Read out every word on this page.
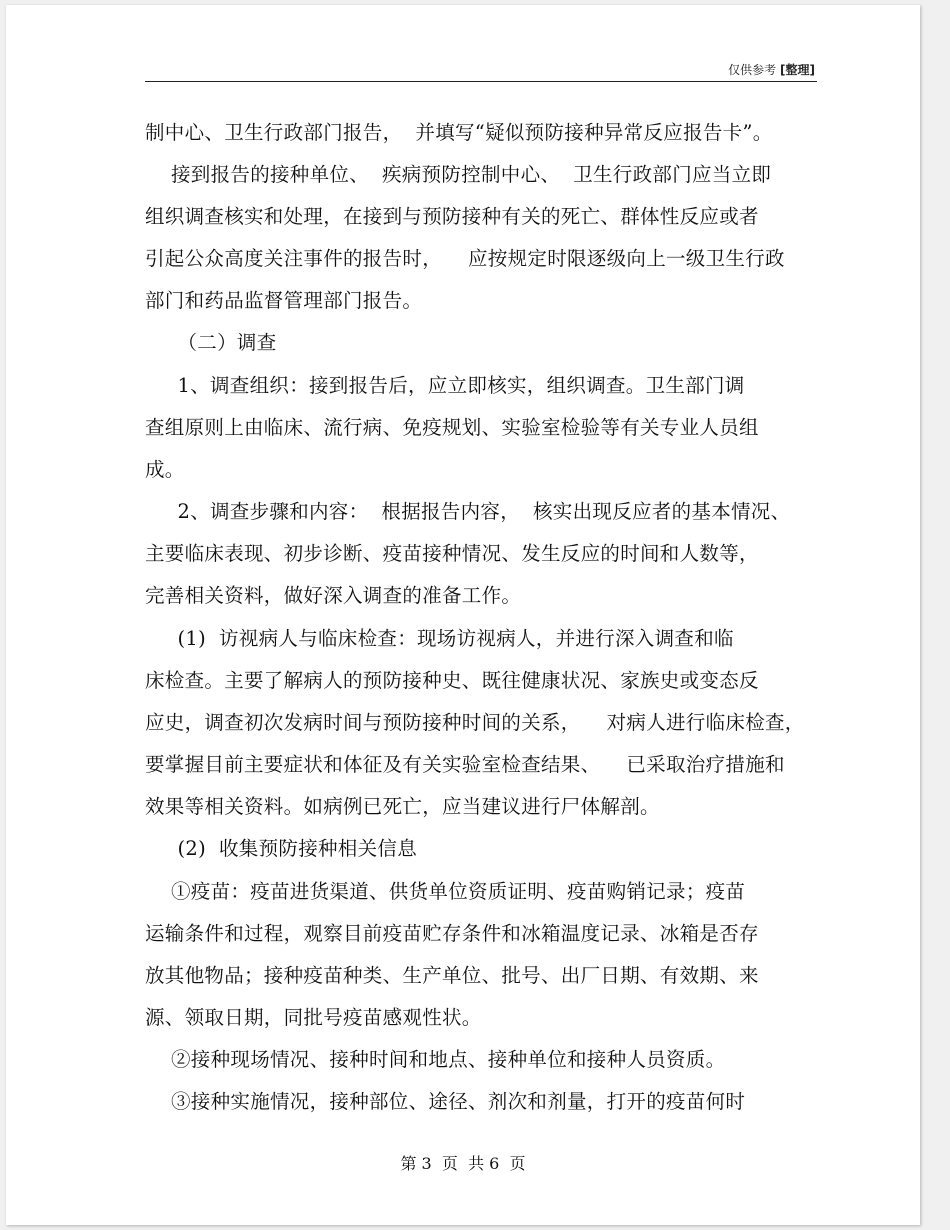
仅供参考 [整理]
制中心、卫生行政部门报告，  并填写“疑似预防接种异常反应报告卡”。
接到报告的接种单位、  疾病预防控制中心、  卫生行政部门应当立即
组织调查核实和处理，在接到与预防接种有关的死亡、群体性反应或者
引起公众高度关注事件的报告时，    应按规定时限逐级向上一级卫生行政
部门和药品监督管理部门报告。
（二）调查
1、调查组织：接到报告后，应立即核实，组织调查。卫生部门调
查组原则上由临床、流行病、免疫规划、实验室检验等有关专业人员组
成。
2、调查步骤和内容：  根据报告内容，  核实出现反应者的基本情况、
主要临床表现、初步诊断、疫苗接种情况、发生反应的时间和人数等，
完善相关资料，做好深入调查的准备工作。
(1)  访视病人与临床检查：现场访视病人，并进行深入调查和临
床检查。主要了解病人的预防接种史、既往健康状况、家族史或变态反
应史，调查初次发病时间与预防接种时间的关系，    对病人进行临床检查，
要掌握目前主要症状和体征及有关实验室检查结果、    已采取治疗措施和
效果等相关资料。如病例已死亡，应当建议进行尸体解剖。
(2)  收集预防接种相关信息
①疫苗：疫苗进货渠道、供货单位资质证明、疫苗购销记录；疫苗
运输条件和过程，观察目前疫苗贮存条件和冰箱温度记录、冰箱是否存
放其他物品；接种疫苗种类、生产单位、批号、出厂日期、有效期、来
源、领取日期，同批号疫苗感观性状。
②接种现场情况、接种时间和地点、接种单位和接种人员资质。
③接种实施情况，接种部位、途径、剂次和剂量，打开的疫苗何时
第 3  页  共 6  页
